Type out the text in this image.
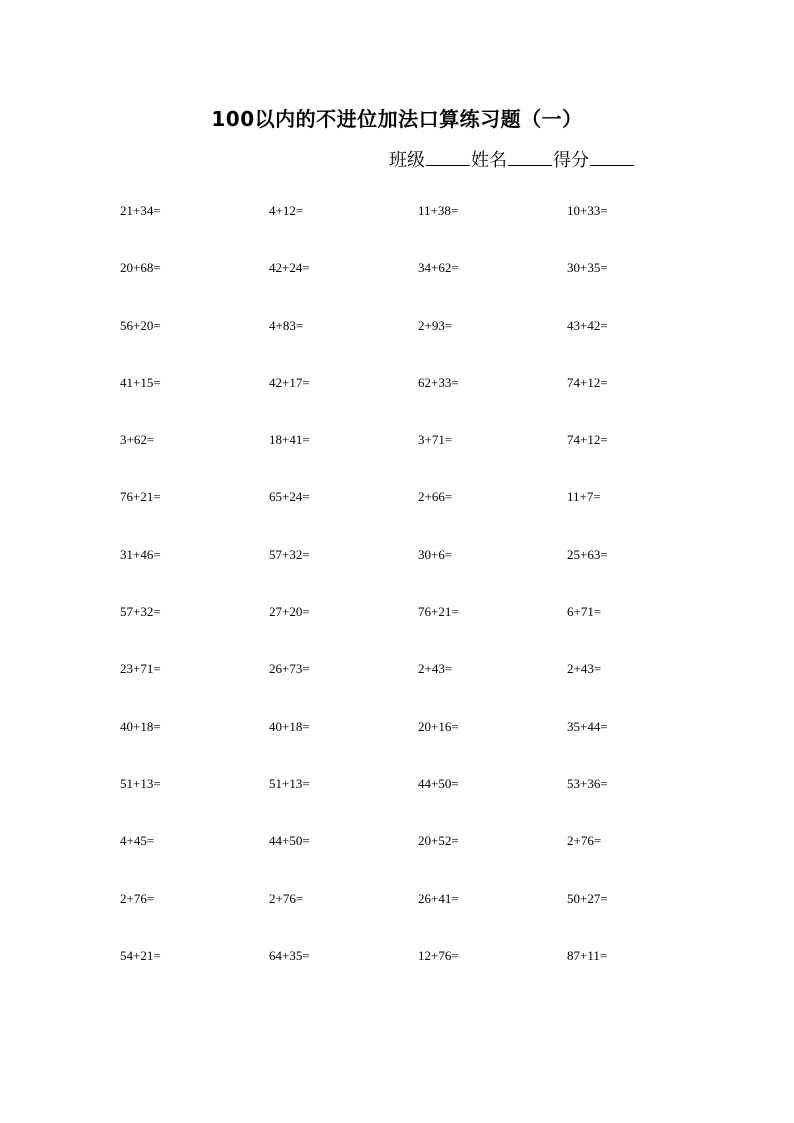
100以内的不进位加法口算练习题（一）
班级	姓名	得分
21+34=	4+12=	11+38=	10+33=
20+68=	42+24=	34+62=	30+35=
56+20=	4+83=	2+93=	43+42=
41+15=	42+17=	62+33=	74+12=
3+62=	18+41=	3+71=	74+12=
76+21=	65+24=	2+66=	11+7=
31+46=	57+32=	30+6=	25+63=
57+32=	27+20=	76+21=	6+71=
23+71=	26+73=	2+43=	2+43=
40+18=	40+18=	20+16=	35+44=
51+13=	51+13=	44+50=	53+36=
4+45=	44+50=	20+52=	2+76=
2+76=	2+76=	26+41=	50+27=
54+21=	64+35=	12+76=	87+11=
